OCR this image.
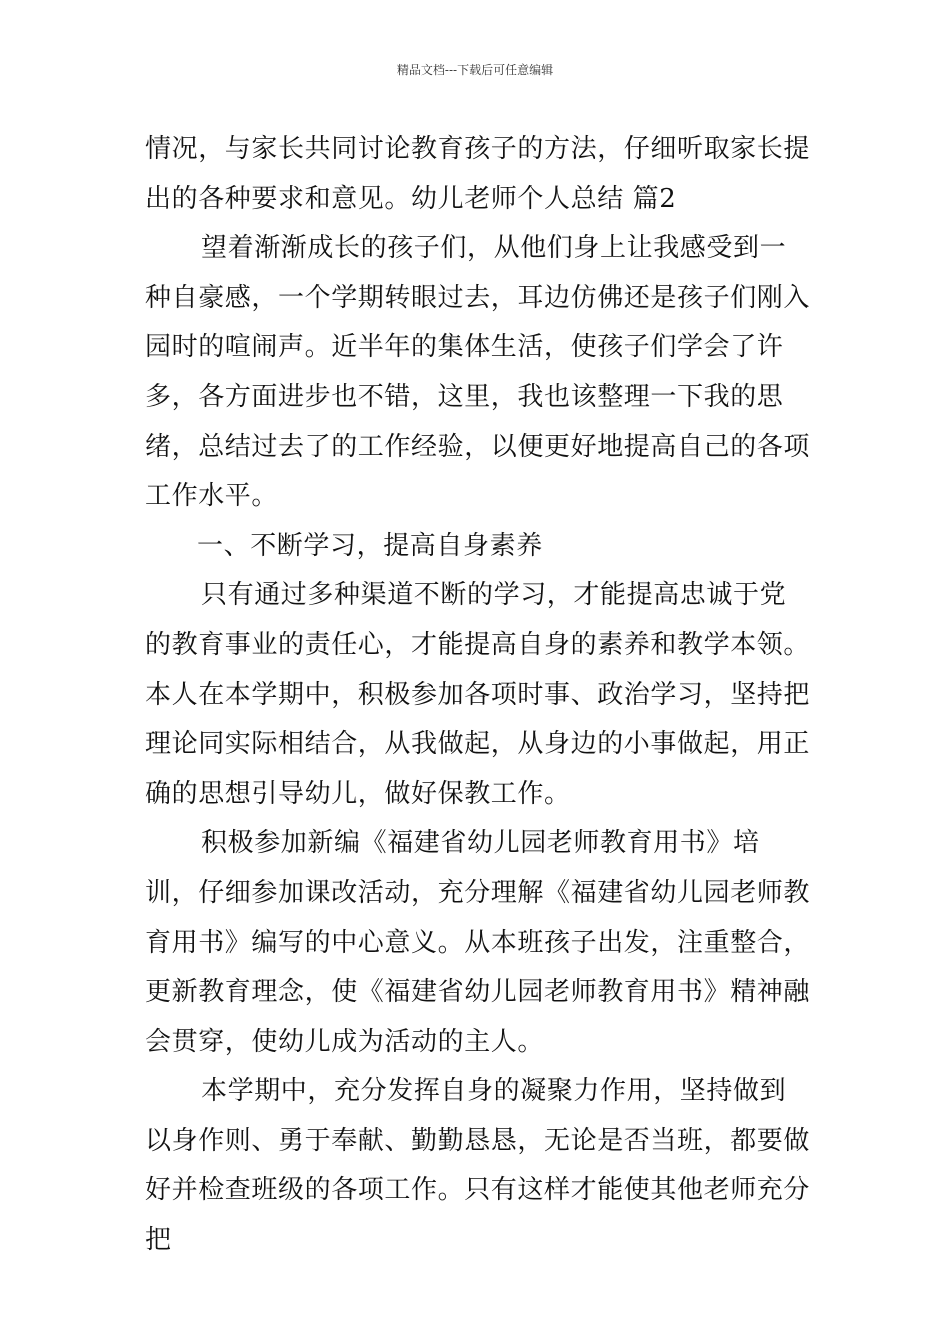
精品文档---下载后可任意编辑

情况，与家长共同讨论教育孩子的方法，仔细听取家长提出的各种要求和意见。幼儿老师个人总结 篇2

望着渐渐成长的孩子们，从他们身上让我感受到一种自豪感，一个学期转眼过去，耳边仿佛还是孩子们刚入园时的喧闹声。近半年的集体生活，使孩子们学会了许多，各方面进步也不错，这里，我也该整理一下我的思绪，总结过去了的工作经验，以便更好地提高自己的各项工作水平。

一、不断学习，提高自身素养

只有通过多种渠道不断的学习，才能提高忠诚于党的教育事业的责任心，才能提高自身的素养和教学本领。本人在本学期中，积极参加各项时事、政治学习，坚持把理论同实际相结合，从我做起，从身边的小事做起，用正确的思想引导幼儿，做好保教工作。

积极参加新编《福建省幼儿园老师教育用书》培训，仔细参加课改活动，充分理解《福建省幼儿园老师教育用书》编写的中心意义。从本班孩子出发，注重整合，更新教育理念，使《福建省幼儿园老师教育用书》精神融会贯穿，使幼儿成为活动的主人。

本学期中，充分发挥自身的凝聚力作用，坚持做到以身作则、勇于奉献、勤勤恳恳，无论是否当班，都要做好并检查班级的各项工作。只有这样才能使其他老师充分把
